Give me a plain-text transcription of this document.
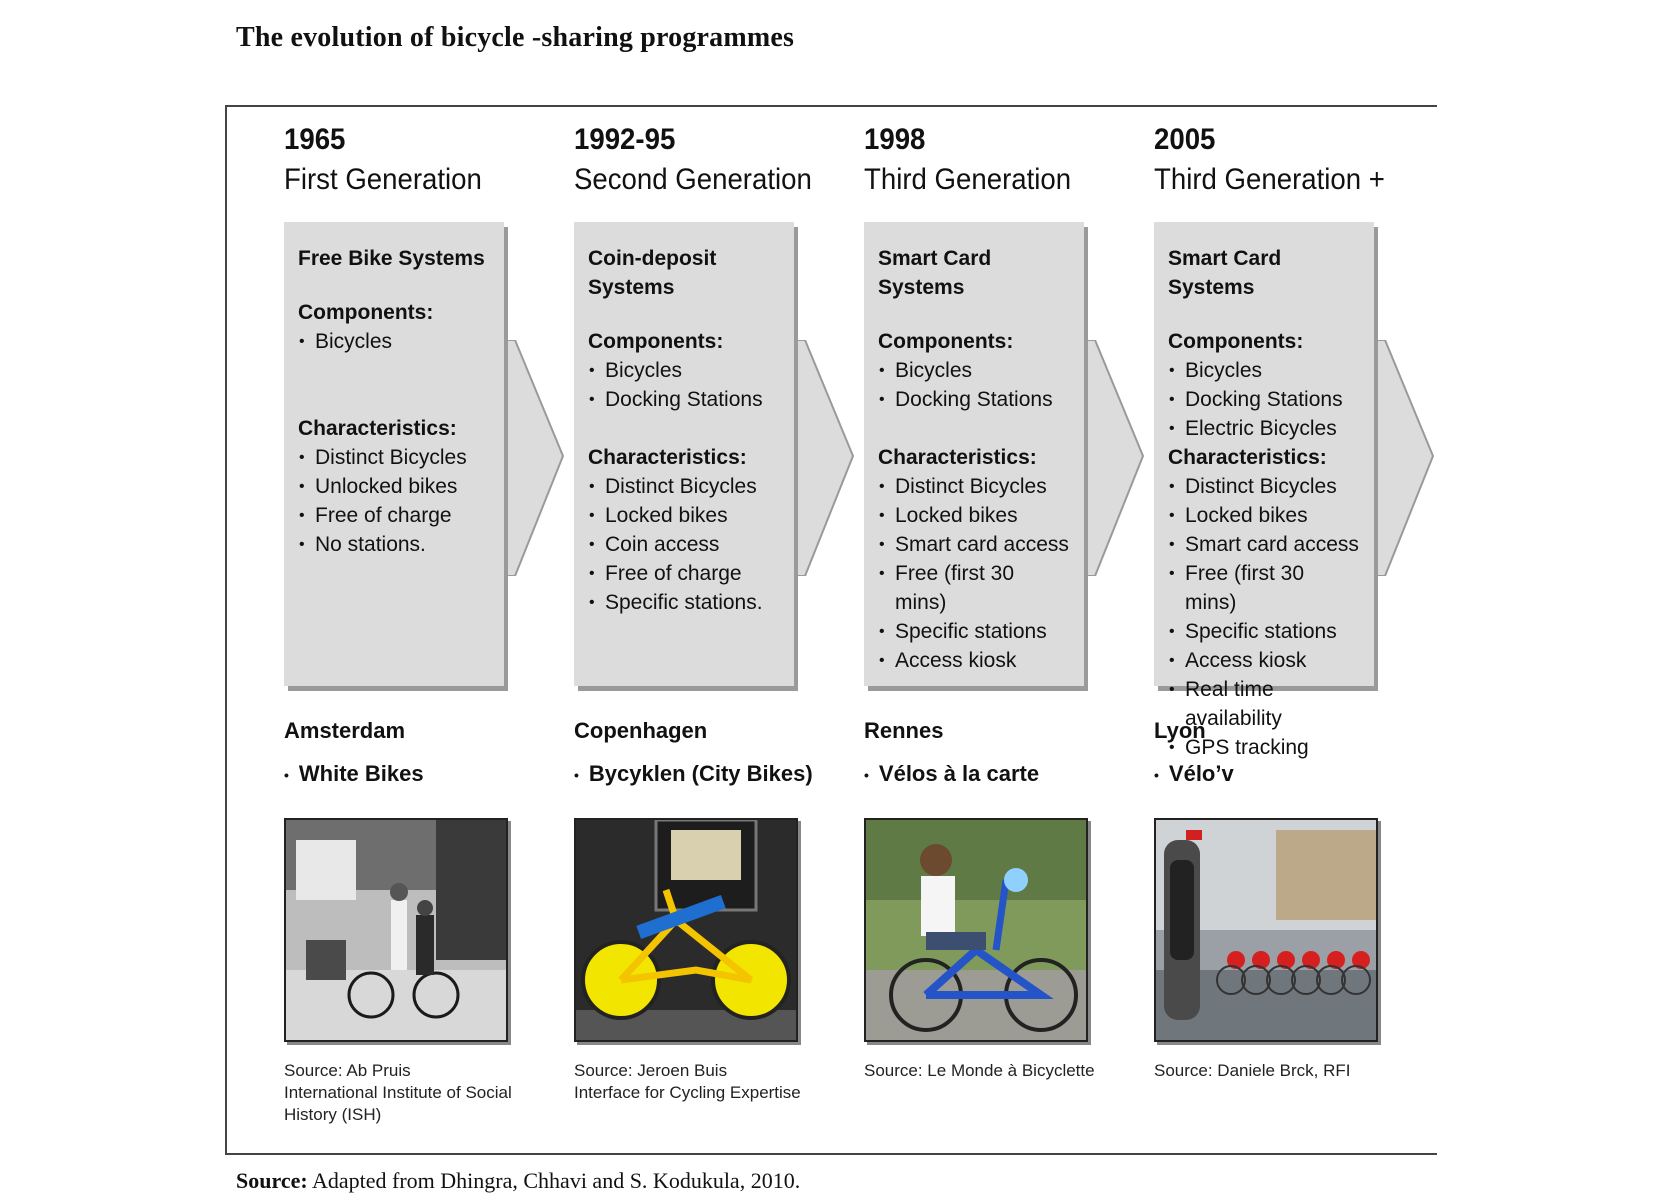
The evolution of bicycle -sharing programmes
1965
First Generation
Free Bike Systems
Components:
• Bicycles
Characteristics:
• Distinct Bicycles
• Unlocked bikes
• Free of charge
• No stations.
1992-95
Second Generation
Coin-deposit Systems
Components:
• Bicycles
• Docking Stations
Characteristics:
• Distinct Bicycles
• Locked bikes
• Coin access
• Free of charge
• Specific stations.
1998
Third Generation
Smart Card Systems
Components:
• Bicycles
• Docking Stations
Characteristics:
• Distinct Bicycles
• Locked bikes
• Smart card access
• Free (first 30 mins)
• Specific stations
• Access kiosk
2005
Third Generation +
Smart Card Systems
Components:
• Bicycles
• Docking Stations
• Electric Bicycles
Characteristics:
• Distinct Bicycles
• Locked bikes
• Smart card access
• Free (first 30 mins)
• Specific stations
• Access kiosk
• Real time availability
• GPS tracking
Amsterdam	Copenhagen	Rennes	Lyon
• White Bikes	• Bycyklen (City Bikes)	• Vélos à la carte	• Vélo’v
Source: Ab Pruis
International Institute of Social
History (ISH)
Source: Jeroen Buis
Interface for Cycling Expertise
Source: Le Monde à Bicyclette	Source: Daniele Brck, RFI
Source: Adapted from Dhingra, Chhavi and S. Kodukula, 2010.
